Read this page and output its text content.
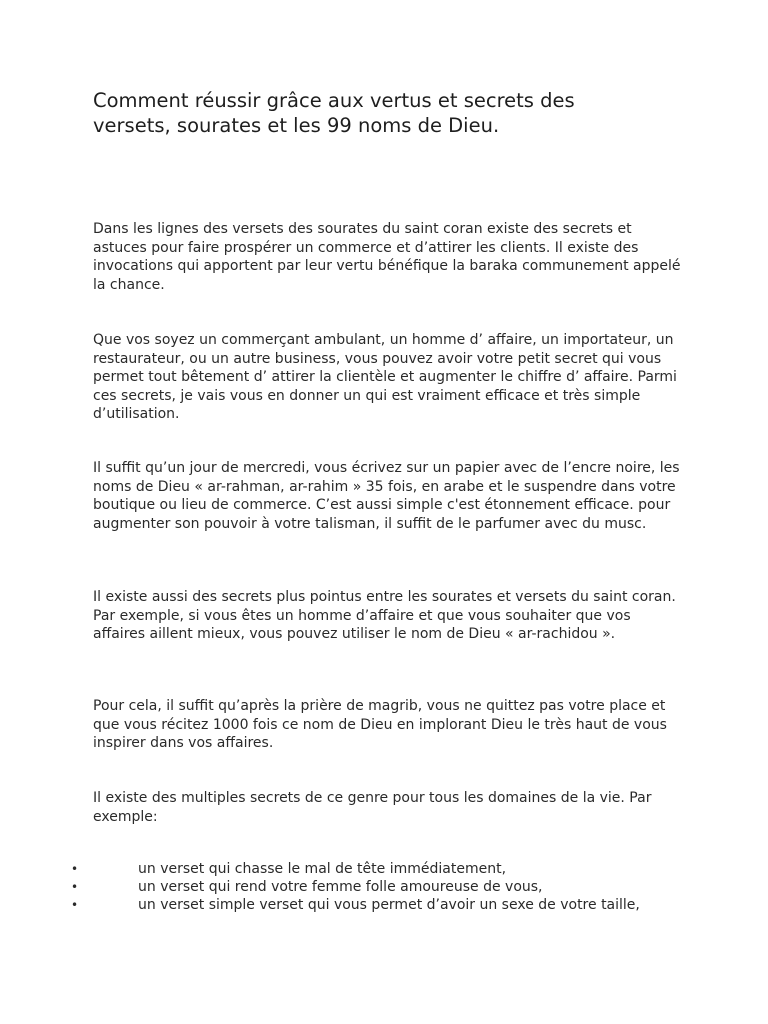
Comment réussir grâce aux vertus et secrets des versets, sourates et les 99 noms de Dieu.

Dans les lignes des versets des sourates du saint coran existe des secrets et astuces pour faire prospérer un commerce et d’attirer les clients. Il existe des invocations qui apportent par leur vertu bénéfique la baraka communement appelé la chance.

Que vos soyez un commerçant ambulant, un homme d’ affaire, un importateur, un restaurateur, ou un autre business, vous pouvez avoir votre petit secret qui vous permet tout bêtement d’ attirer la clientèle et augmenter le chiffre d’ affaire. Parmi ces secrets, je vais vous en donner un qui est vraiment efficace et très simple d’utilisation.

Il suffit qu’un jour de mercredi, vous écrivez sur un papier avec de l’encre noire, les noms de Dieu « ar-rahman, ar-rahim » 35 fois, en arabe et le suspendre dans votre boutique ou lieu de commerce. C’est aussi simple c'est étonnement efficace. pour augmenter son pouvoir à votre talisman, il suffit de le parfumer avec du musc.

Il existe aussi des secrets plus pointus entre les sourates et versets du saint coran. Par exemple, si vous êtes un homme d’affaire et que vous souhaiter que vos affaires aillent mieux, vous pouvez utiliser le nom de Dieu « ar-rachidou ».

Pour cela, il suffit qu’après la prière de magrib, vous ne quittez pas votre place et que vous récitez 1000 fois ce nom de Dieu en implorant Dieu le très haut de vous inspirer dans vos affaires.

Il existe des multiples secrets de ce genre pour tous les domaines de la vie. Par exemple:

•	un verset qui chasse le mal de tête immédiatement,
•	un verset qui rend votre femme folle amoureuse de vous,
•	un verset simple verset qui vous permet d’avoir un sexe de votre taille,
